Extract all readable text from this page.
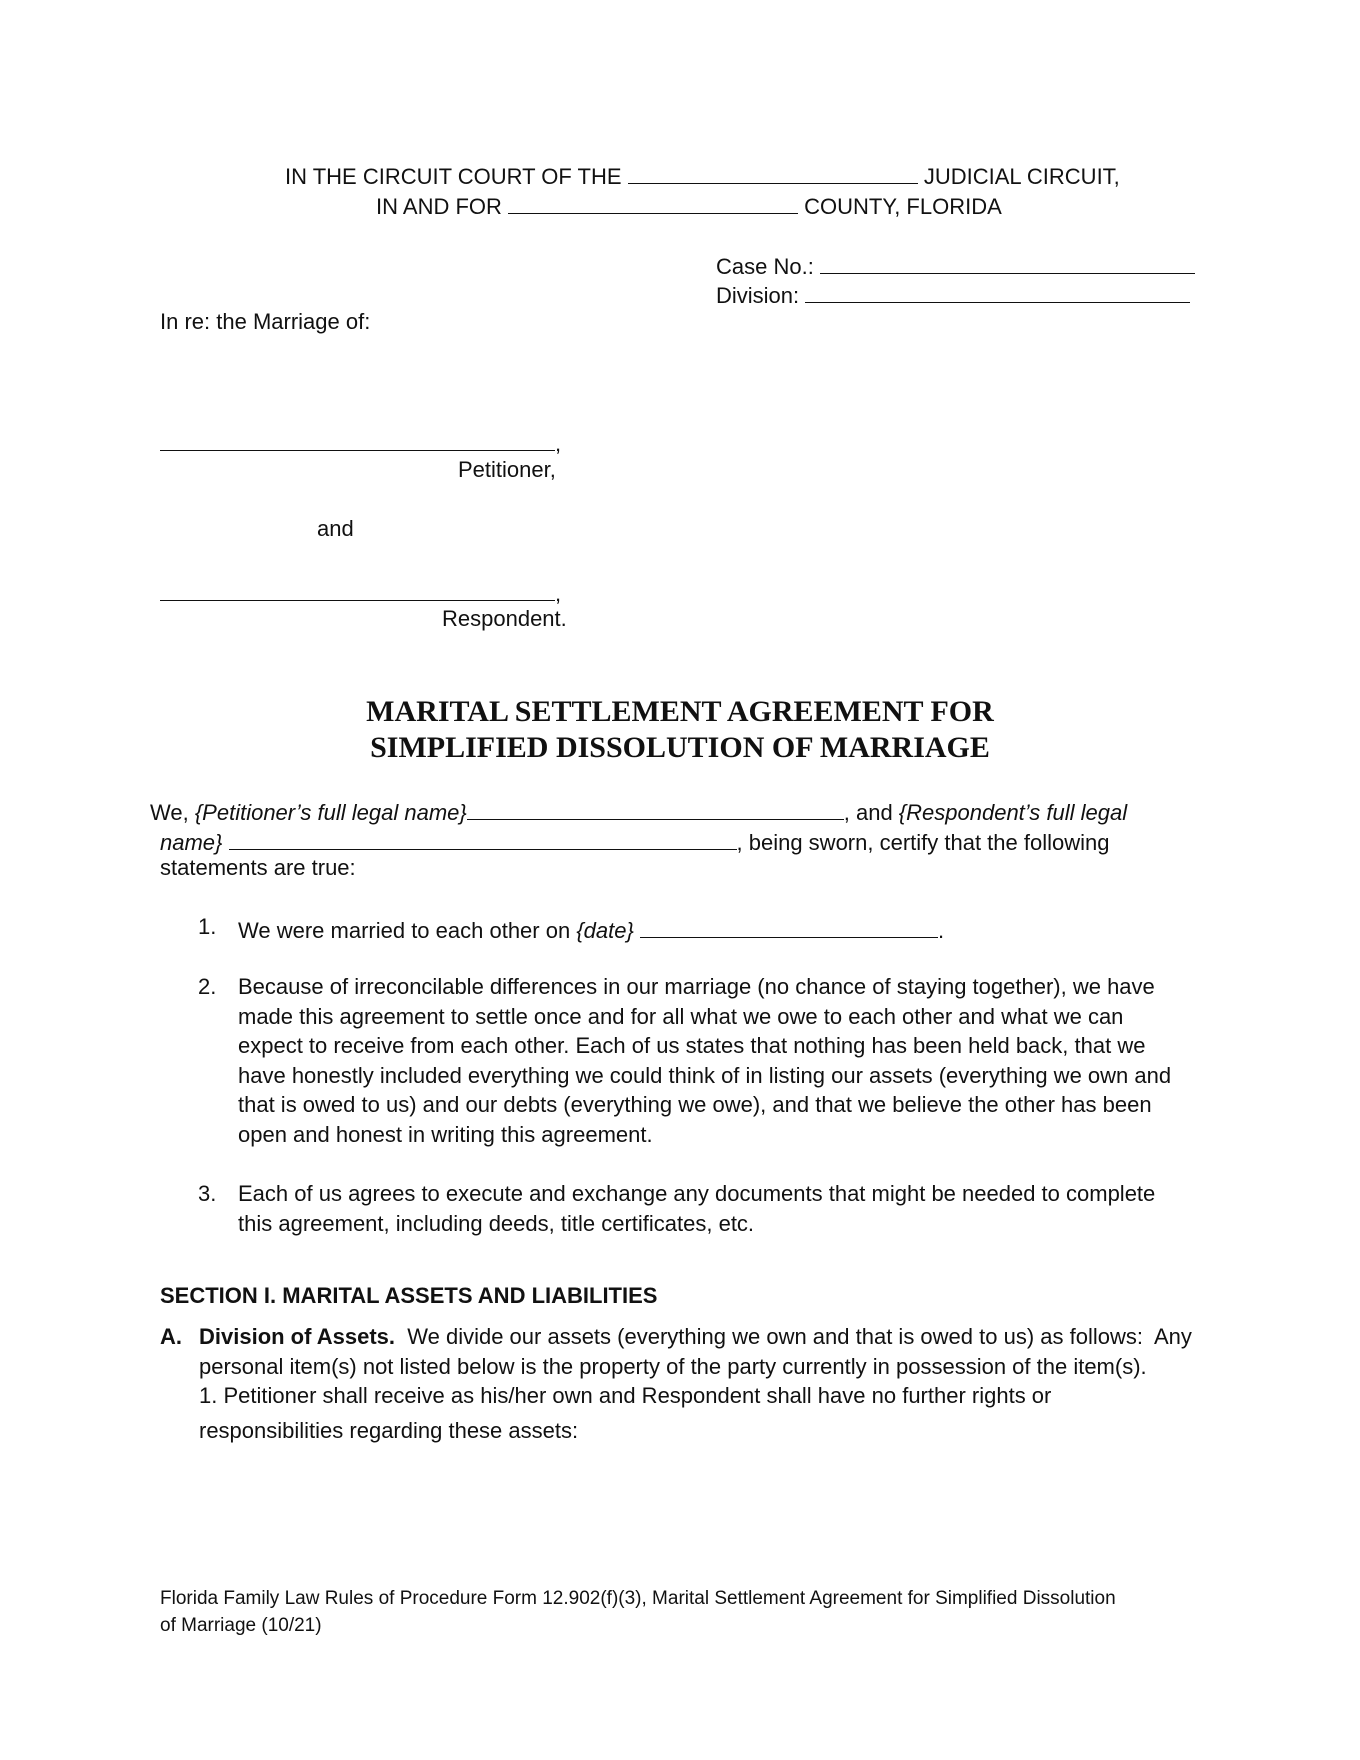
IN THE CIRCUIT COURT OF THE	JUDICIAL CIRCUIT,
IN AND FOR	COUNTY, FLORIDA
Case No.:
Division:
In re: the Marriage of:
,
Petitioner,
and
,
Respondent.
MARITAL SETTLEMENT AGREEMENT FOR
SIMPLIFIED DISSOLUTION OF MARRIAGE
We, {Petitioner’s full legal name}	, and {Respondent’s full legal
name}	, being sworn, certify that the following
statements are true:
1. We were married to each other on {date}	.
2. Because of irreconcilable differences in our marriage (no chance of staying together), we have
made this agreement to settle once and for all what we owe to each other and what we can
expect to receive from each other. Each of us states that nothing has been held back, that we
have honestly included everything we could think of in listing our assets (everything we own and
that is owed to us) and our debts (everything we owe), and that we believe the other has been
open and honest in writing this agreement.
3. Each of us agrees to execute and exchange any documents that might be needed to complete
this agreement, including deeds, title certificates, etc.
SECTION I. MARITAL ASSETS AND LIABILITIES
A. Division of Assets.  We divide our assets (everything we own and that is owed to us) as follows:  Any
personal item(s) not listed below is the property of the party currently in possession of the item(s).
1. Petitioner shall receive as his/her own and Respondent shall have no further rights or
responsibilities regarding these assets:
Florida Family Law Rules of Procedure Form 12.902(f)(3), Marital Settlement Agreement for Simplified Dissolution
of Marriage (10/21)
